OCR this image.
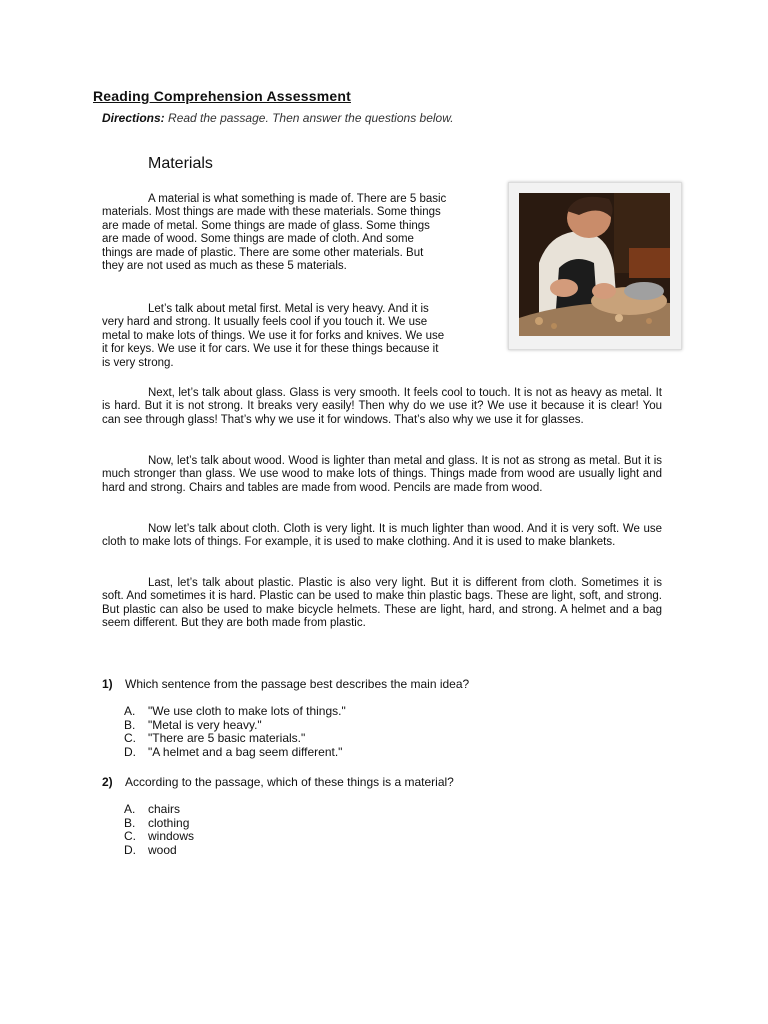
Reading Comprehension Assessment
Directions: Read the passage. Then answer the questions below.
Materials

A material is what something is made of. There are 5 basic materials. Most things are made with these materials. Some things are made of metal. Some things are made of glass. Some things are made of wood. Some things are made of cloth. And some things are made of plastic. There are some other materials. But they are not used as much as these 5 materials.

Let’s talk about metal first. Metal is very heavy. And it is very hard and strong. It usually feels cool if you touch it. We use metal to make lots of things. We use it for forks and knives. We use it for keys. We use it for cars. We use it for these things because it is very strong.

Next, let’s talk about glass. Glass is very smooth. It feels cool to touch. It is not as heavy as metal. It is hard. But it is not strong. It breaks very easily! Then why do we use it? We use it because it is clear! You can see through glass! That’s why we use it for windows. That’s also why we use it for glasses.

Now, let’s talk about wood. Wood is lighter than metal and glass. It is not as strong as metal. But it is much stronger than glass. We use wood to make lots of things. Things made from wood are usually light and hard and strong. Chairs and tables are made from wood. Pencils are made from wood.

Now let’s talk about cloth. Cloth is very light. It is much lighter than wood. And it is very soft. We use cloth to make lots of things. For example, it is used to make clothing. And it is used to make blankets.

Last, let’s talk about plastic. Plastic is also very light. But it is different from cloth. Sometimes it is soft. And sometimes it is hard. Plastic can be used to make thin plastic bags. These are light, soft, and strong. But plastic can also be used to make bicycle helmets. These are light, hard, and strong. A helmet and a bag seem different. But they are both made from plastic.

1) Which sentence from the passage best describes the main idea?
A. "We use cloth to make lots of things."
B. "Metal is very heavy."
C. "There are 5 basic materials."
D. "A helmet and a bag seem different."
2) According to the passage, which of these things is a material?
A. chairs
B. clothing
C. windows
D. wood
